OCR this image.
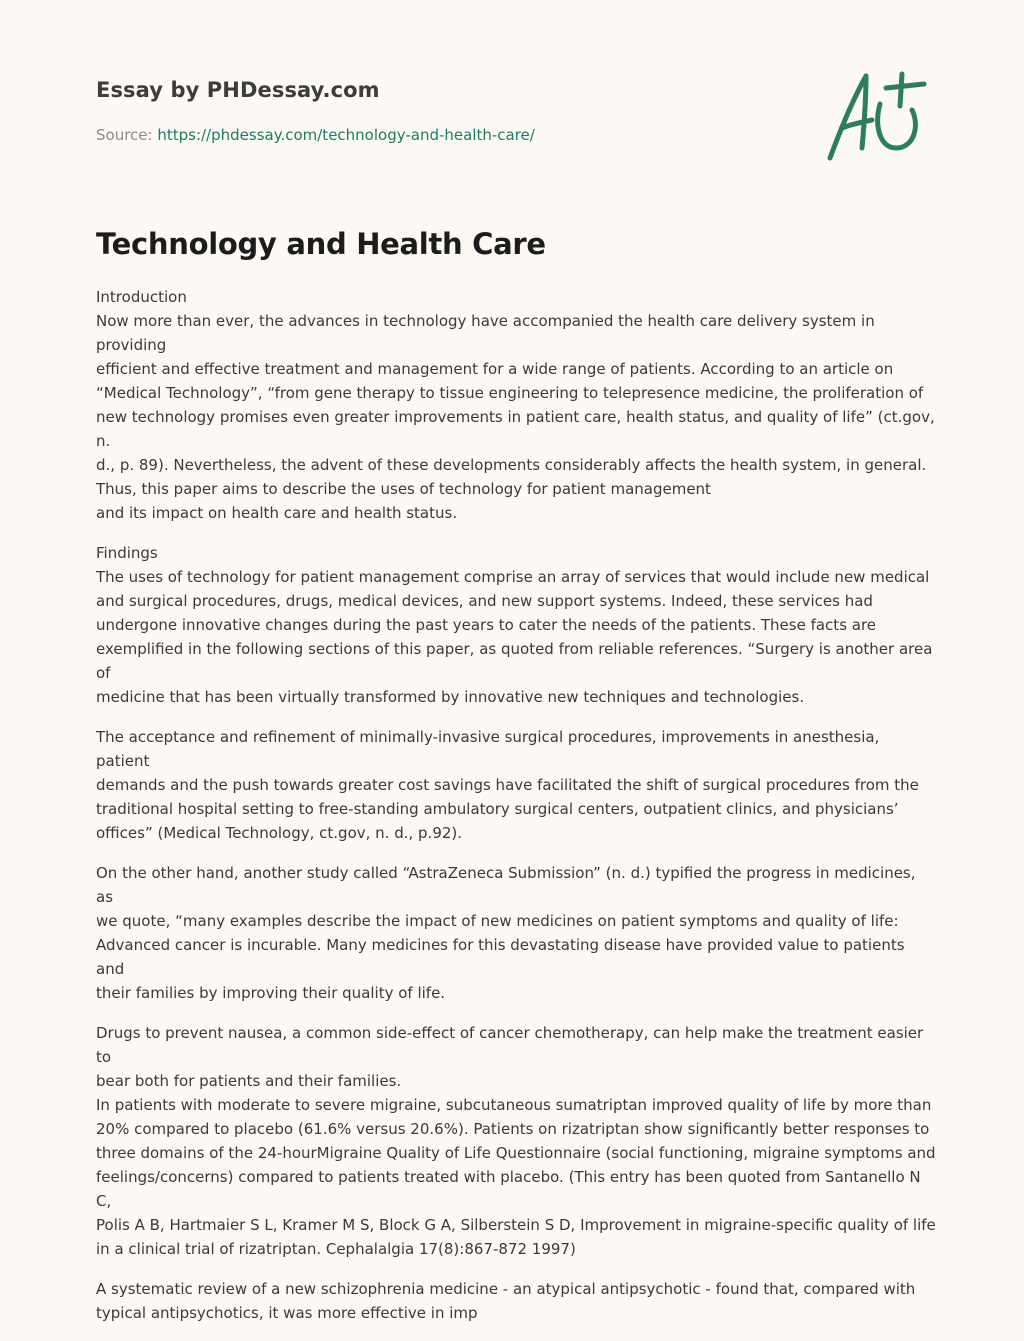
Essay by PHDessay.com
Source: https://phdessay.com/technology-and-health-care/
Technology and Health Care

Introduction
Now more than ever, the advances in technology have accompanied the health care delivery system in providing
efficient and effective treatment and management for a wide range of patients. According to an article on
“Medical Technology”, “from gene therapy to tissue engineering to telepresence medicine, the proliferation of
new technology promises even greater improvements in patient care, health status, and quality of life” (ct.gov, n.
d., p. 89). Nevertheless, the advent of these developments considerably affects the health system, in general.
Thus, this paper aims to describe the uses of technology for patient management
and its impact on health care and health status.

Findings
The uses of technology for patient management comprise an array of services that would include new medical
and surgical procedures, drugs, medical devices, and new support systems. Indeed, these services had
undergone innovative changes during the past years to cater the needs of the patients. These facts are
exemplified in the following sections of this paper, as quoted from reliable references. “Surgery is another area of
medicine that has been virtually transformed by innovative new techniques and technologies.

The acceptance and refinement of minimally-invasive surgical procedures, improvements in anesthesia, patient
demands and the push towards greater cost savings have facilitated the shift of surgical procedures from the
traditional hospital setting to free-standing ambulatory surgical centers, outpatient clinics, and physicians’
offices” (Medical Technology, ct.gov, n. d., p.92).

On the other hand, another study called “AstraZeneca Submission” (n. d.) typified the progress in medicines, as
we quote, “many examples describe the impact of new medicines on patient symptoms and quality of life:
Advanced cancer is incurable. Many medicines for this devastating disease have provided value to patients and
their families by improving their quality of life.

Drugs to prevent nausea, a common side-effect of cancer chemotherapy, can help make the treatment easier to
bear both for patients and their families.
In patients with moderate to severe migraine, subcutaneous sumatriptan improved quality of life by more than
20% compared to placebo (61.6% versus 20.6%). Patients on rizatriptan show significantly better responses to
three domains of the 24-hourMigraine Quality of Life Questionnaire (social functioning, migraine symptoms and
feelings/concerns) compared to patients treated with placebo. (This entry has been quoted from Santanello N C,
Polis A B, Hartmaier S L, Kramer M S, Block G A, Silberstein S D, Improvement in migraine-specific quality of life
in a clinical trial of rizatriptan. Cephalalgia 17(8):867-872 1997)

A systematic review of a new schizophrenia medicine - an atypical antipsychotic - found that, compared with
typical antipsychotics, it was more effective in imp
